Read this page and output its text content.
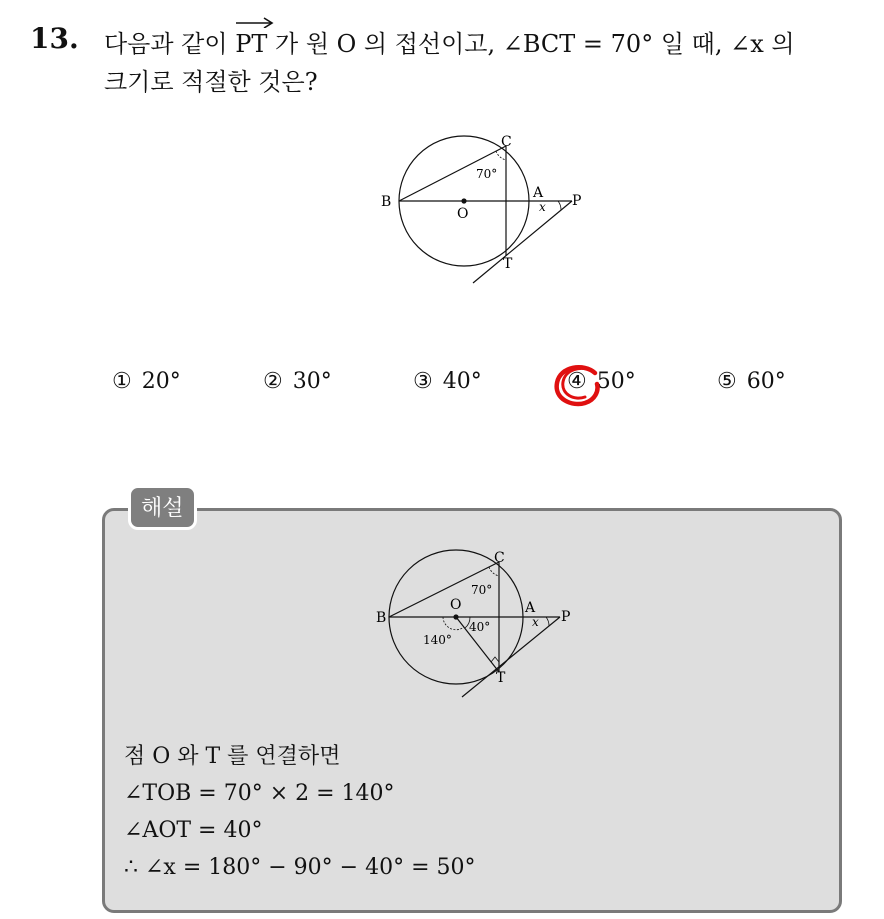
13. 다음과 같이 PT 가 원 O 의 접선이고, ∠BCT = 70° 일 때, ∠x 의
크기로 적절한 것은?
C
70°
B
O
A P
x
T
① 20°	② 30°	③ 40°	④ 50°	⑤ 60°
해설
C
70°
B
O
40°
140°
A
P
x
T
점 O 와 T 를 연결하면
∠TOB = 70° × 2 = 140°
∠AOT = 40°
∴ ∠x = 180° − 90° − 40° = 50°
